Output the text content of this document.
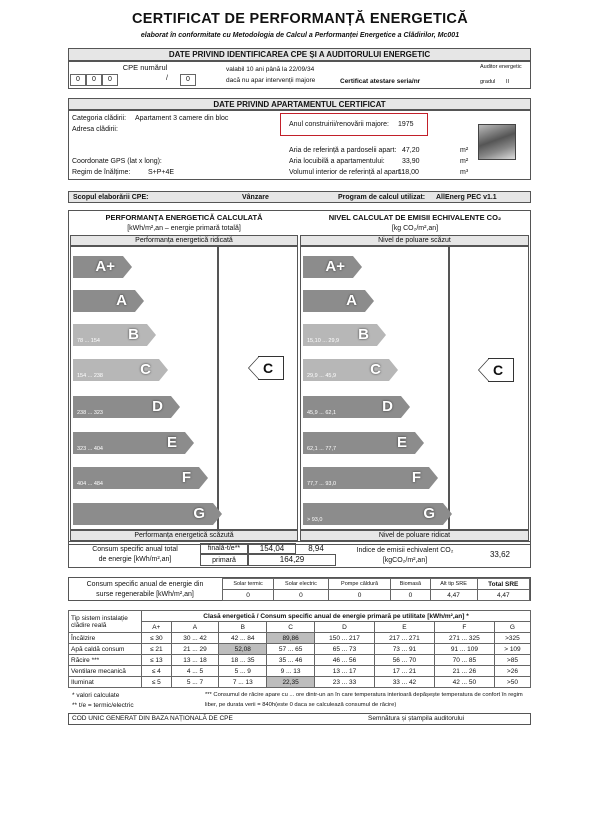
CERTIFICAT DE PERFORMANȚĂ ENERGETICĂ
elaborat în conformitate cu Metodologia de Calcul a Performanței Energetice a Clădirilor, Mc001
DATE PRIVIND IDENTIFICAREA CPE ȘI A AUDITORULUI ENERGETIC
CPE numărul
0	0	0	/	0
valabil 10 ani până la 22/09/34
dacă nu apar intervenții majore
Auditor energetic
Certificat atestare seria/nr	gradul II
DATE PRIVIND APARTAMENTUL CERTIFICAT
Categoria clădirii: Apartament 3 camere din bloc
Adresa clădirii:
Anul construirii/renovării majore: 1975
Aria de referință a pardoselii apart: 47,20	m²
Coordonate GPS (lat x long):	Aria locuibilă a apartamentului: 33,90	m²
Regim de înălțime:	S+P+4E	Volumul interior de referință al apart.:
118,00	m³
Scopul elaborării CPE:	Vânzare	Program de calcul utilizat: AllEnerg PEC v1.1
PERFORMANȚA ENERGETICĂ CALCULATĂ
[kWh/m²,an – energie primară totală]
NIVEL CALCULAT DE EMISII ECHIVALENTE CO₂
[kg CO₂/m²,an]
Performanța energetică ridicată	Nivel de poluare scăzut
A+
A
B
78 ... 154
C
154 ... 238
D
238 ... 323
E
323 ... 404
F
404 ... 484
G
A+
A
B
15,10 ... 29,9
C
29,9 ... 45,9
D
45,9 ... 62,1
E
62,1 ... 77,7
F
77,7 ... 93,0
G
> 93,0
C	C
Performanța energetică scăzută	Nivel de poluare ridicat
Consum specific anual total
de energie [kWh/m²,an]
finală-t/e**	154,04	8,94
primară	164,29
Indice de emisii echivalent CO₂
[kgCO₂/m²,an]
33,62
Consum specific anual de energie din
surse regenerabile [kWh/m²,an]
Solar termic	Solar electric	Pompe căldură	Biomasă	Alt tip SRE	Total SRE
0	0	0	0	4,47	4,47
Tip sistem instalație
clădire reală	Clasă energetică / Consum specific anual de energie primară pe utilitate [kWh/m²,an] *							
	A+	A	B	C	D	E	F	G
Încălzire	≤ 30	30 ... 42	42 ... 84	89,86	150 ... 217	217 ... 271	271 ... 325	>325
Apă caldă consum	≤ 21	21 ... 29	52,08	57 ... 65	65 ... 73	73 ... 91	91 ... 109	> 109
Răcire ***	≤ 13	13 ... 18	18 ... 35	35 ... 46	46 ... 56	56 ... 70	70 ... 85	>85
Ventilare mecanică	≤ 4	4 ... 5	5 ... 9	9 ... 13	13 ... 17	17 ... 21	21 ... 26	>26
Iluminat	≤ 5	5 ... 7	7 ... 13	22,35	23 ... 33	33 ... 42	42 ... 50	>50
* valori calculate	*** Consumul de răcire apare cu ... ore dintr-un an în care temperatura interioară depășește temperatura de confort în regim
** t/e = termic/electric	liber, pe durata verii = 840h(este 0 daca se calculează consumul de răcire)
COD UNIC GENERAT DIN BAZA NAȚIONALĂ DE CPE	Semnătura și ștampila auditorului
